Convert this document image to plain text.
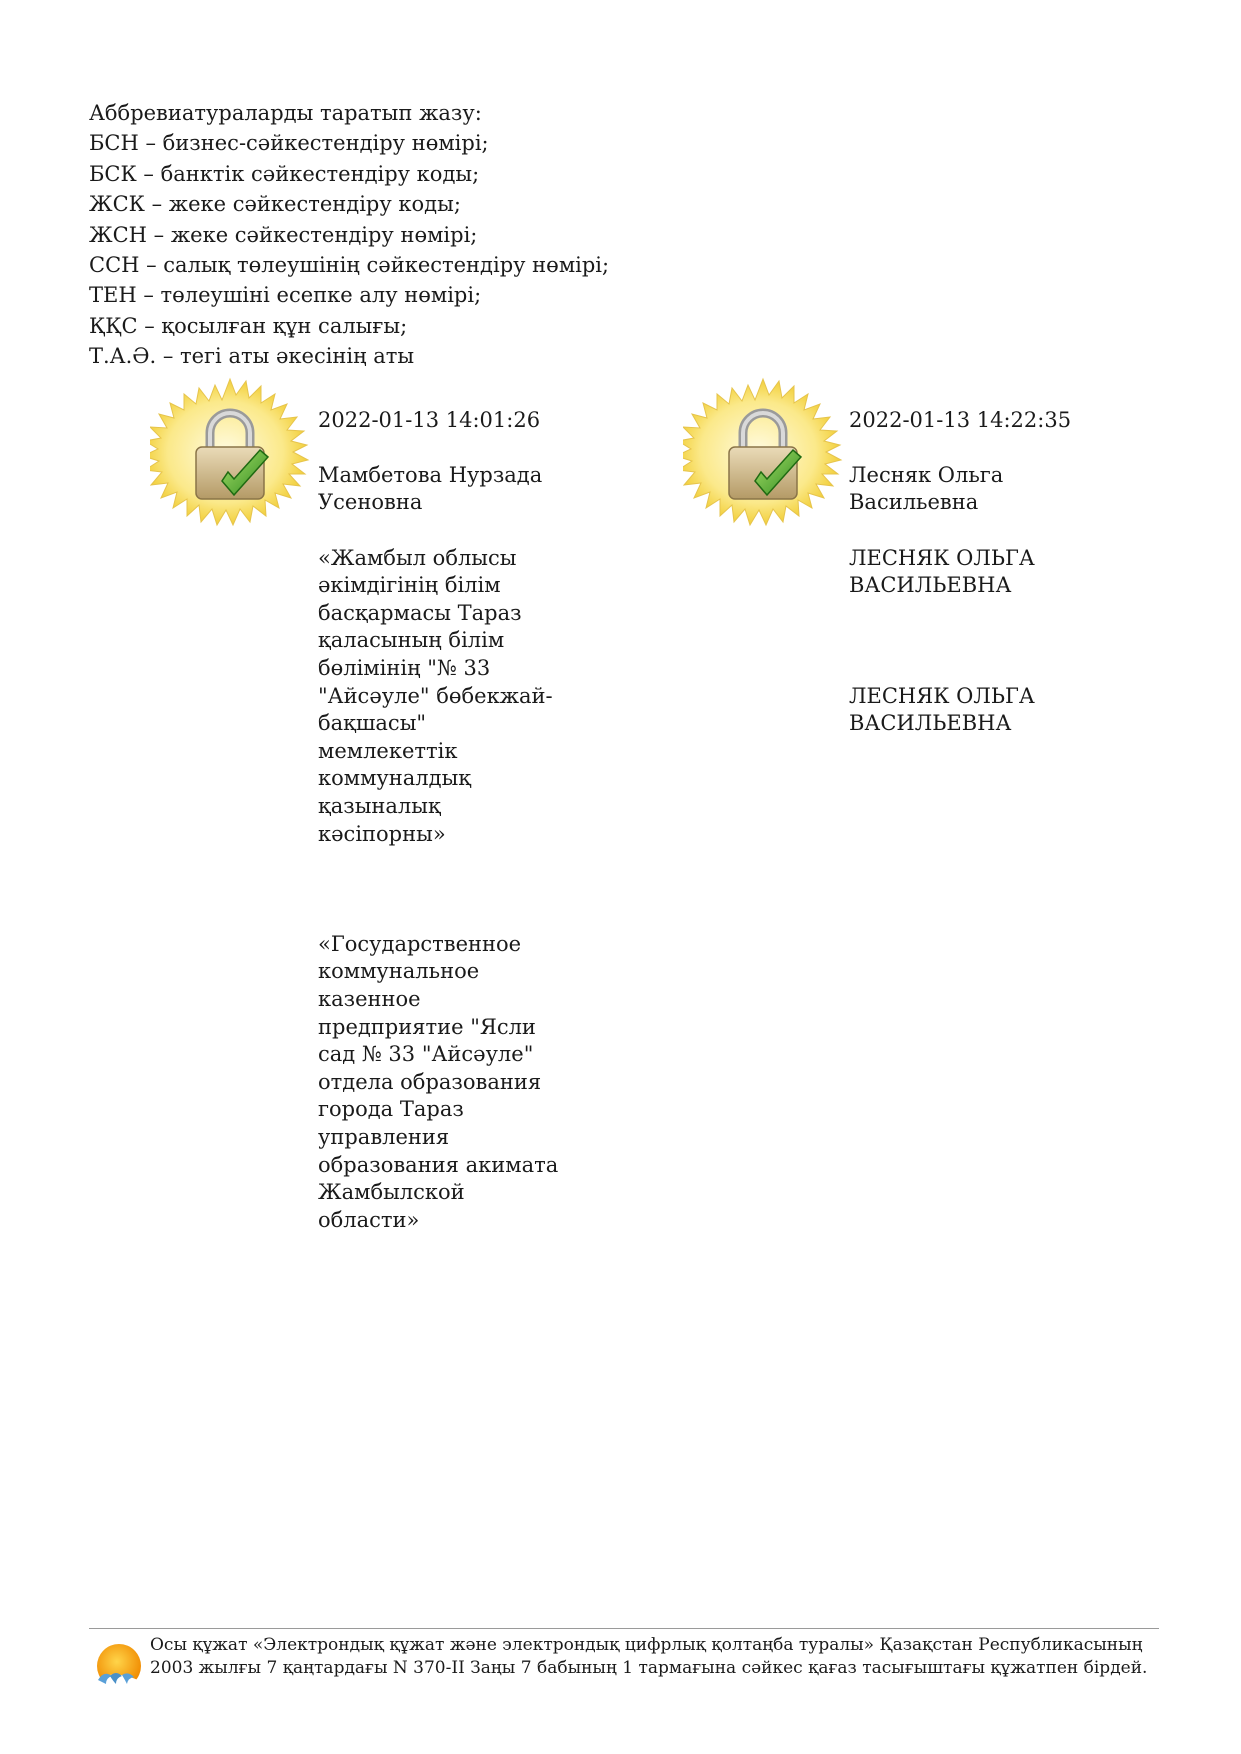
Аббревиатураларды таратып жазу:
БСН – бизнес-сәйкестендіру нөмірі;
БСК – банктік сәйкестендіру коды;
ЖСК – жеке сәйкестендіру коды;
ЖСН – жеке сәйкестендіру нөмірі;
ССН – салық төлеушінің сәйкестендіру нөмірі;
ТЕН – төлеушіні есепке алу нөмірі;
ҚҚС – қосылған құн салығы;
Т.А.Ә. – тегі аты әкесінің аты

2022-01-13 14:01:26

Мамбетова Нурзада
Усеновна

«Жамбыл облысы
әкімдігінің білім
басқармасы Тараз
қаласының білім
бөлімінің "№ 33
"Айсәуле" бөбекжай-
бақшасы"
мемлекеттік
коммуналдық
қазыналық
кәсіпорны»

«Государственное
коммунальное
казенное
предприятие "Ясли
сад № 33 "Айсәуле"
отдела образования
города Тараз
управления
образования акимата
Жамбылской
области»

2022-01-13 14:22:35

Лесняк Ольга
Васильевна

ЛЕСНЯК ОЛЬГА
ВАСИЛЬЕВНА

ЛЕСНЯК ОЛЬГА
ВАСИЛЬЕВНА

Осы құжат «Электрондық құжат және электрондық цифрлық қолтаңба туралы» Қазақстан Республикасының 2003 жылғы 7 қаңтардағы N 370-II Заңы 7 бабының 1 тармағына сәйкес қағаз тасығыштағы құжатпен бірдей.
